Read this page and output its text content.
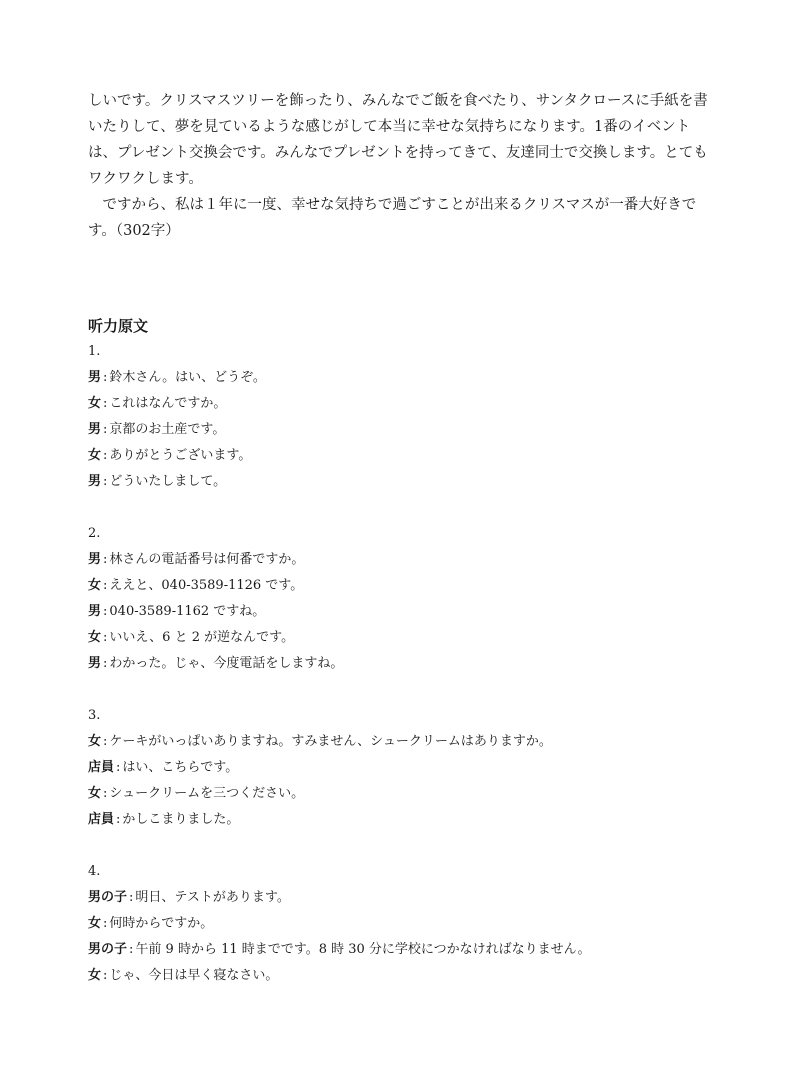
しいです。クリスマスツリーを飾ったり、みんなでご飯を食べたり、サンタクロースに手紙を書いたりして、夢を見ているような感じがして本当に幸せな気持ちになります。1番のイベントは、プレゼント交換会です。みんなでプレゼントを持ってきて、友達同士で交換します。とてもワクワクします。

ですから、私は１年に一度、幸せな気持ちで過ごすことが出来るクリスマスが一番大好きです。（302字）

听力原文
1.
男 : 鈴木さん。はい、どうぞ。
女 : これはなんですか。
男 : 京都のお土産です。
女 : ありがとうございます。
男 : どういたしまして。
2.
男 : 林さんの電話番号は何番ですか。
女 : ええと、040-3589-1126 です。
男 : 040-3589-1162 ですね。
女 : いいえ、6 と 2 が逆なんです。
男 : わかった。じゃ、今度電話をしますね。
3.
女 : ケーキがいっぱいありますね。すみません、シュークリームはありますか。
店員 : はい、こちらです。
女 : シュークリームを三つください。
店員 : かしこまりました。
4.
男の子 : 明日、テストがあります。
女 : 何時からですか。
男の子 : 午前 9 時から 11 時までです。8 時 30 分に学校につかなければなりません。
女 : じゃ、今日は早く寝なさい。
